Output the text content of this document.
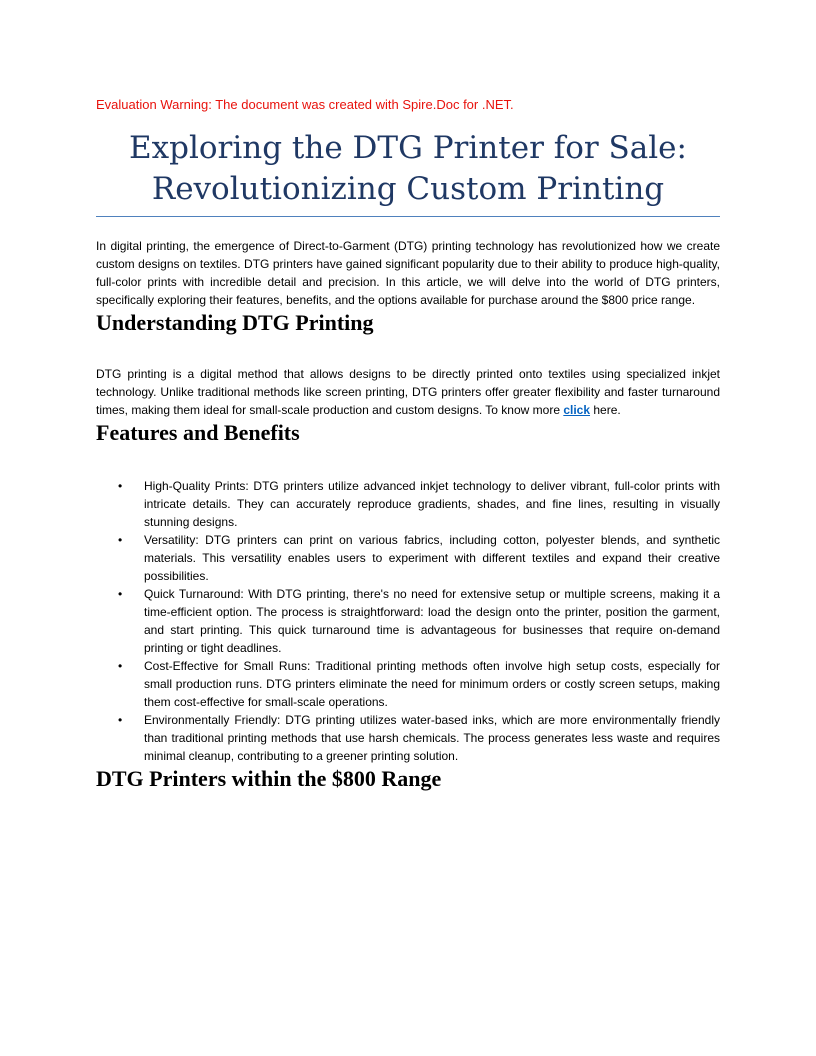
Evaluation Warning: The document was created with Spire.Doc for .NET.

Exploring the DTG Printer for Sale:
Revolutionizing Custom Printing

In digital printing, the emergence of Direct-to-Garment (DTG) printing technology has revolutionized how we create custom designs on textiles. DTG printers have gained significant popularity due to their ability to produce high-quality, full-color prints with incredible detail and precision. In this article, we will delve into the world of DTG printers, specifically exploring their features, benefits, and the options available for purchase around the $800 price range.

Understanding DTG Printing

DTG printing is a digital method that allows designs to be directly printed onto textiles using specialized inkjet technology. Unlike traditional methods like screen printing, DTG printers offer greater flexibility and faster turnaround times, making them ideal for small-scale production and custom designs. To know more click here.

Features and Benefits
• High-Quality Prints: DTG printers utilize advanced inkjet technology to deliver vibrant, full-color prints with intricate details. They can accurately reproduce gradients, shades, and fine lines, resulting in visually stunning designs.
• Versatility: DTG printers can print on various fabrics, including cotton, polyester blends, and synthetic materials. This versatility enables users to experiment with different textiles and expand their creative possibilities.
• Quick Turnaround: With DTG printing, there's no need for extensive setup or multiple screens, making it a time-efficient option. The process is straightforward: load the design onto the printer, position the garment, and start printing. This quick turnaround time is advantageous for businesses that require on-demand printing or tight deadlines.
• Cost-Effective for Small Runs: Traditional printing methods often involve high setup costs, especially for small production runs. DTG printers eliminate the need for minimum orders or costly screen setups, making them cost-effective for small-scale operations.
• Environmentally Friendly: DTG printing utilizes water-based inks, which are more environmentally friendly than traditional printing methods that use harsh chemicals. The process generates less waste and requires minimal cleanup, contributing to a greener printing solution.
DTG Printers within the $800 Range
